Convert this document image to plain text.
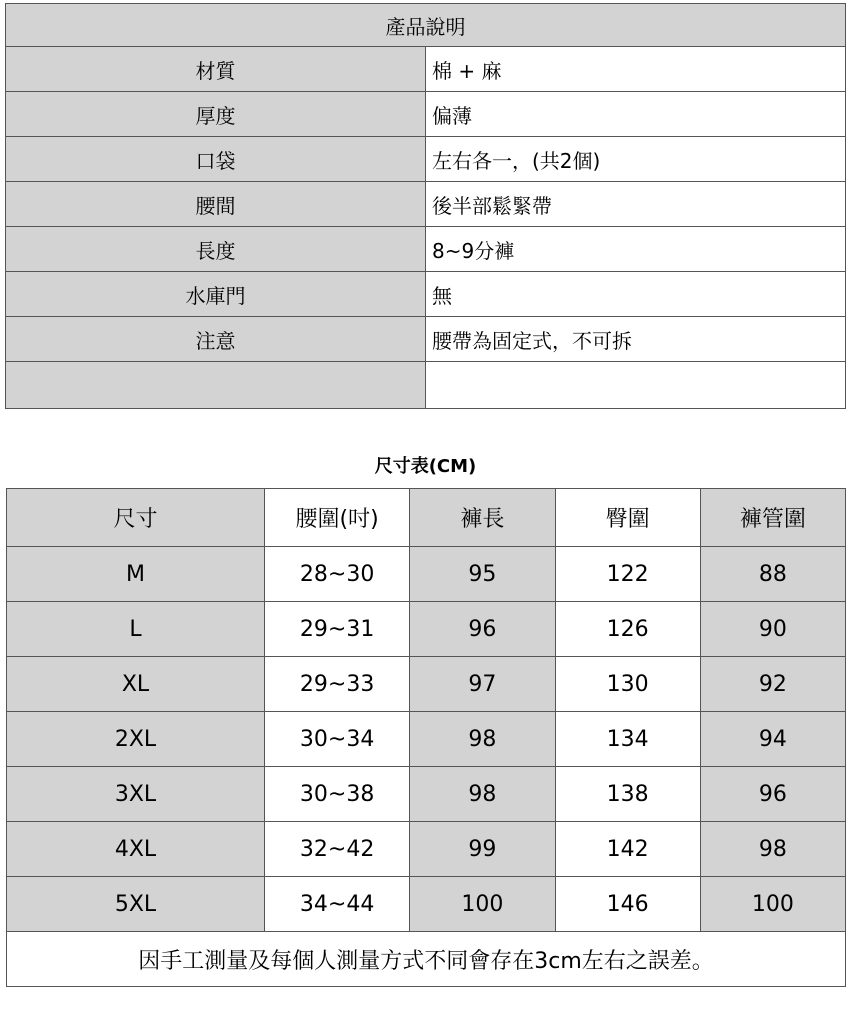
產品說明	
材質	棉 + 麻
厚度	偏薄
口袋	左右各一，(共2個)
腰間	後半部鬆緊帶
長度	8~9分褲
水庫門	無
注意	腰帶為固定式，不可拆

尺寸表(CM)
尺寸	腰圍(吋)	褲長	臀圍	褲管圍
M	28~30	95	122	88
L	29~31	96	126	90
XL	29~33	97	130	92
2XL	30~34	98	134	94
3XL	30~38	98	138	96
4XL	32~42	99	142	98
5XL	34~44	100	146	100
因手工測量及每個人測量方式不同會存在3cm左右之誤差。				
